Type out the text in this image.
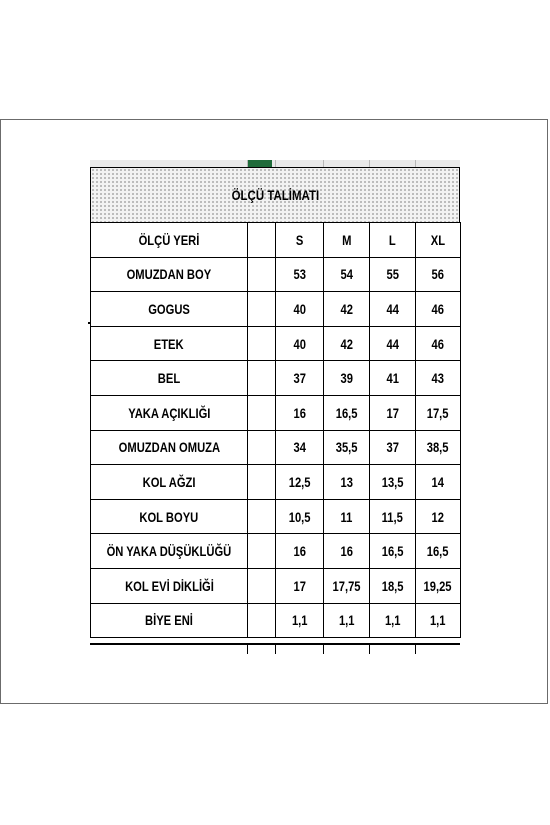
ÖLÇÜ TALİMATI
ÖLÇÜ YERİ		S	M	L	XL
OMUZDAN BOY		53	54	55	56
GOGUS		40	42	44	46
ETEK		40	42	44	46
BEL		37	39	41	43
YAKA AÇIKLIĞI		16	16,5	17	17,5
OMUZDAN OMUZA		34	35,5	37	38,5
KOL AĞZI		12,5	13	13,5	14
KOL BOYU		10,5	11	11,5	12
ÖN YAKA DÜŞÜKLÜĞÜ		16	16	16,5	16,5
KOL EVİ DİKLİĞİ		17	17,75	18,5	19,25
BİYE ENİ		1,1	1,1	1,1	1,1
